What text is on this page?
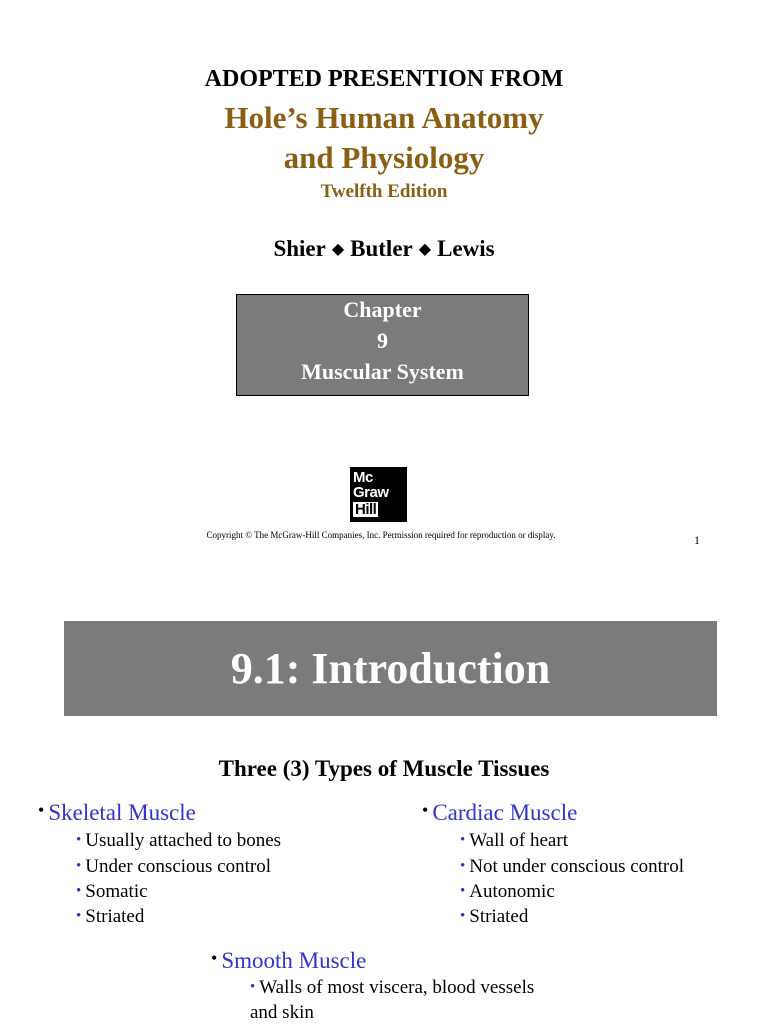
ADOPTED PRESENTION FROM
Hole’s Human Anatomy
and Physiology
Twelfth Edition
Shier ◆ Butler ◆ Lewis
Chapter
9
Muscular System
Mc
Graw
Hill
Copyright © The McGraw-Hill Companies, Inc. Permission required for reproduction or display.	1
9.1: Introduction
Three (3) Types of Muscle Tissues
• Skeletal Muscle
• Usually attached to bones
• Under conscious control
• Somatic
• Striated
• Cardiac Muscle
• Wall of heart
• Not under conscious control
• Autonomic
• Striated
• Smooth Muscle
• Walls of most viscera, blood vessels
and skin
